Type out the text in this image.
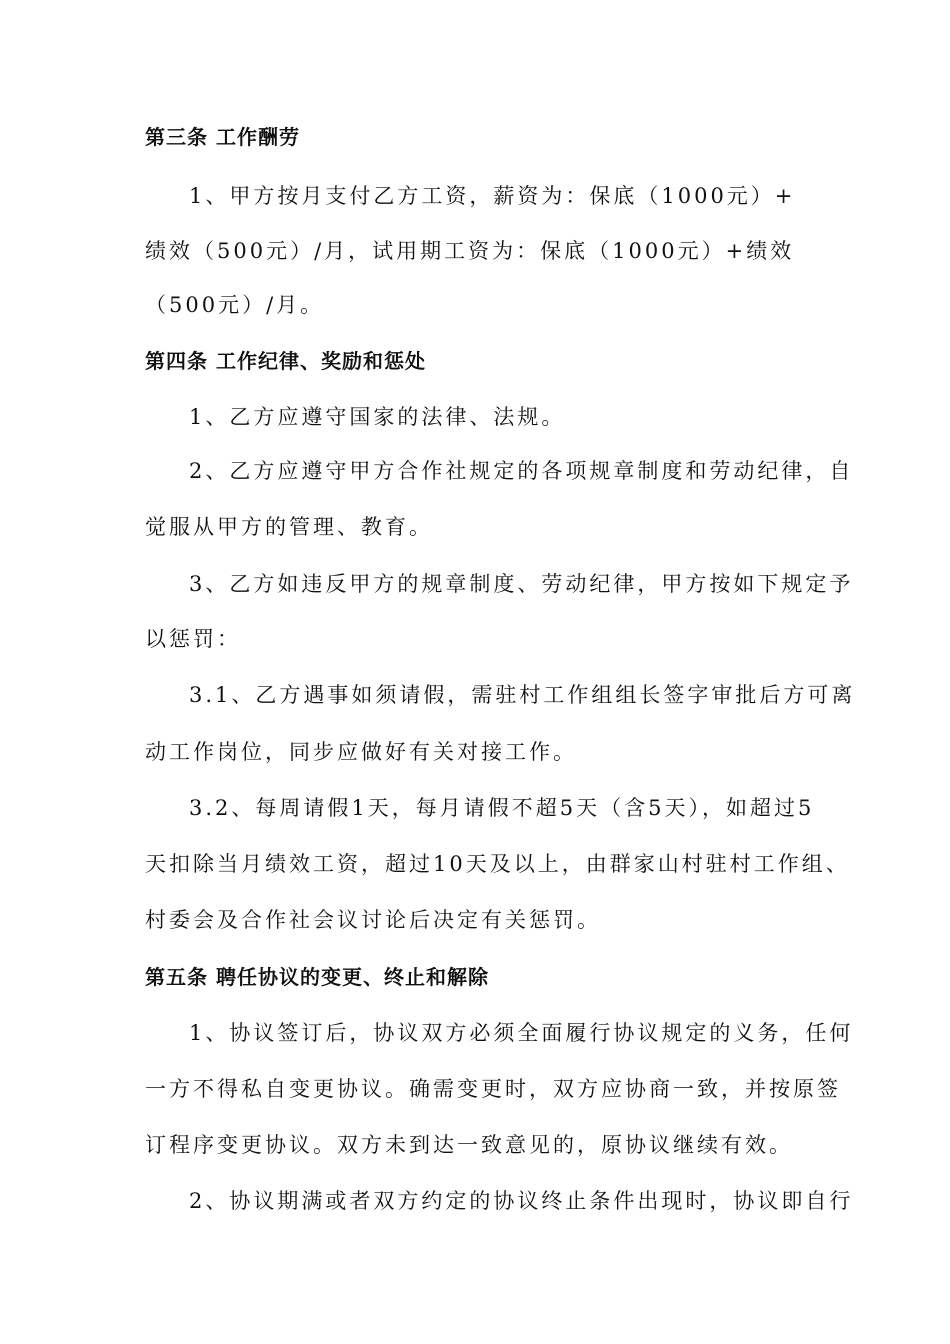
第三条 工作酬劳
1、甲方按月支付乙方工资，薪资为：保底（1000元）+
绩效（500元）/月，试用期工资为：保底（1000元）+绩效
（500元）/月。
第四条 工作纪律、奖励和惩处
1、乙方应遵守国家的法律、法规。
2、乙方应遵守甲方合作社规定的各项规章制度和劳动纪律，自
觉服从甲方的管理、教育。
3、乙方如违反甲方的规章制度、劳动纪律，甲方按如下规定予
以惩罚：
3.1、乙方遇事如须请假，需驻村工作组组长签字审批后方可离
动工作岗位，同步应做好有关对接工作。
3.2、每周请假1天，每月请假不超5天（含5天），如超过5
天扣除当月绩效工资，超过10天及以上，由群家山村驻村工作组、
村委会及合作社会议讨论后决定有关惩罚。
第五条 聘任协议的变更、终止和解除
1、协议签订后，协议双方必须全面履行协议规定的义务，任何
一方不得私自变更协议。确需变更时，双方应协商一致，并按原签
订程序变更协议。双方未到达一致意见的，原协议继续有效。
2、协议期满或者双方约定的协议终止条件出现时，协议即自行
